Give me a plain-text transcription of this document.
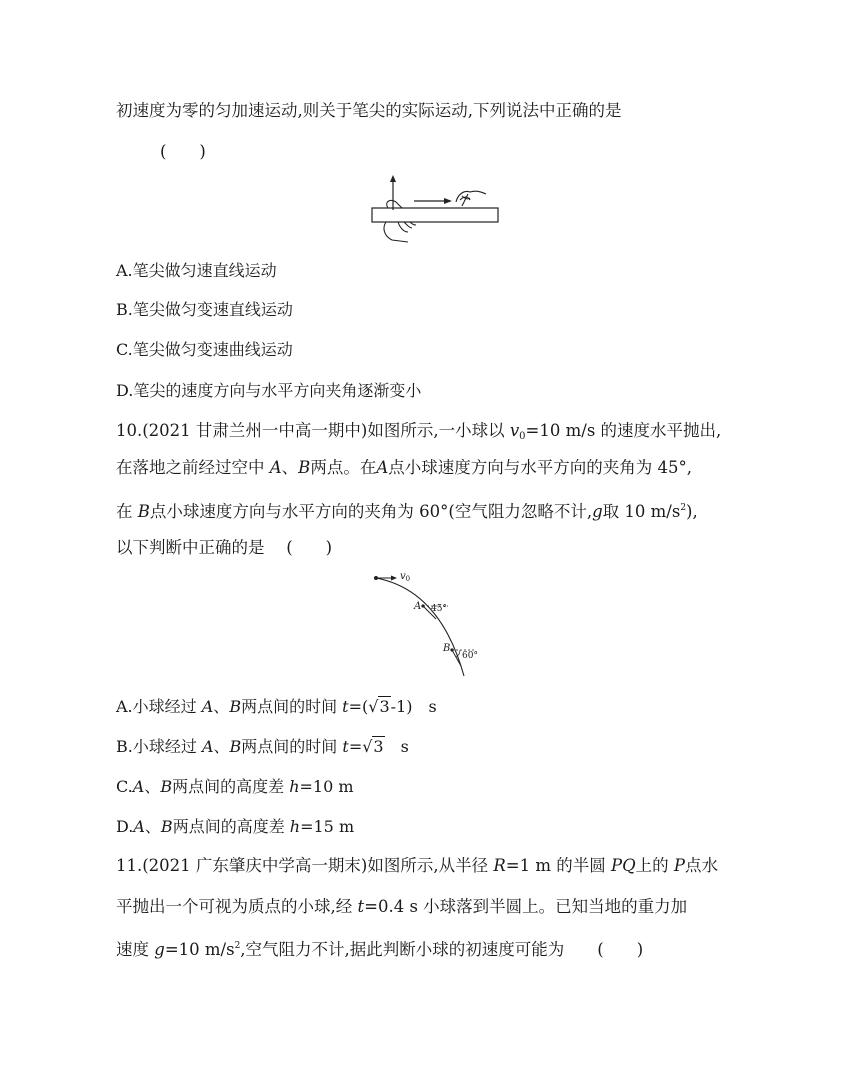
初速度为零的匀加速运动,则关于笔尖的实际运动,下列说法中正确的是
(　　)
A.笔尖做匀速直线运动
B.笔尖做匀变速直线运动
C.笔尖做匀变速曲线运动
D.笔尖的速度方向与水平方向夹角逐渐变小
10.(2021 甘肃兰州一中高一期中)如图所示,一小球以 $v_0=10$ m/s 的速度水平抛出,
在落地之前经过空中 A、B两点。在A点小球速度方向与水平方向的夹角为 45°,
在 B点小球速度方向与水平方向的夹角为 60°(空气阻力忽略不计,g取 10 $m/s^2$),
以下判断中正确的是　 (　　)
$v_0$
A 45°
B
60°
A.小球经过 A、B两点间的时间 t=(√3-1)　s
B.小球经过 A、B两点间的时间 t=√3　s
C.A、B两点间的高度差 h=10 m
D.A、B两点间的高度差 h=15 m
11.(2021 广东肇庆中学高一期末)如图所示,从半径 R=1 m 的半圆 PQ上的 P点水
平抛出一个可视为质点的小球,经 t=0.4 s 小球落到半圆上。已知当地的重力加
速度 g=10 $m/s^2$,空气阻力不计,据此判断小球的初速度可能为　　(　　)
